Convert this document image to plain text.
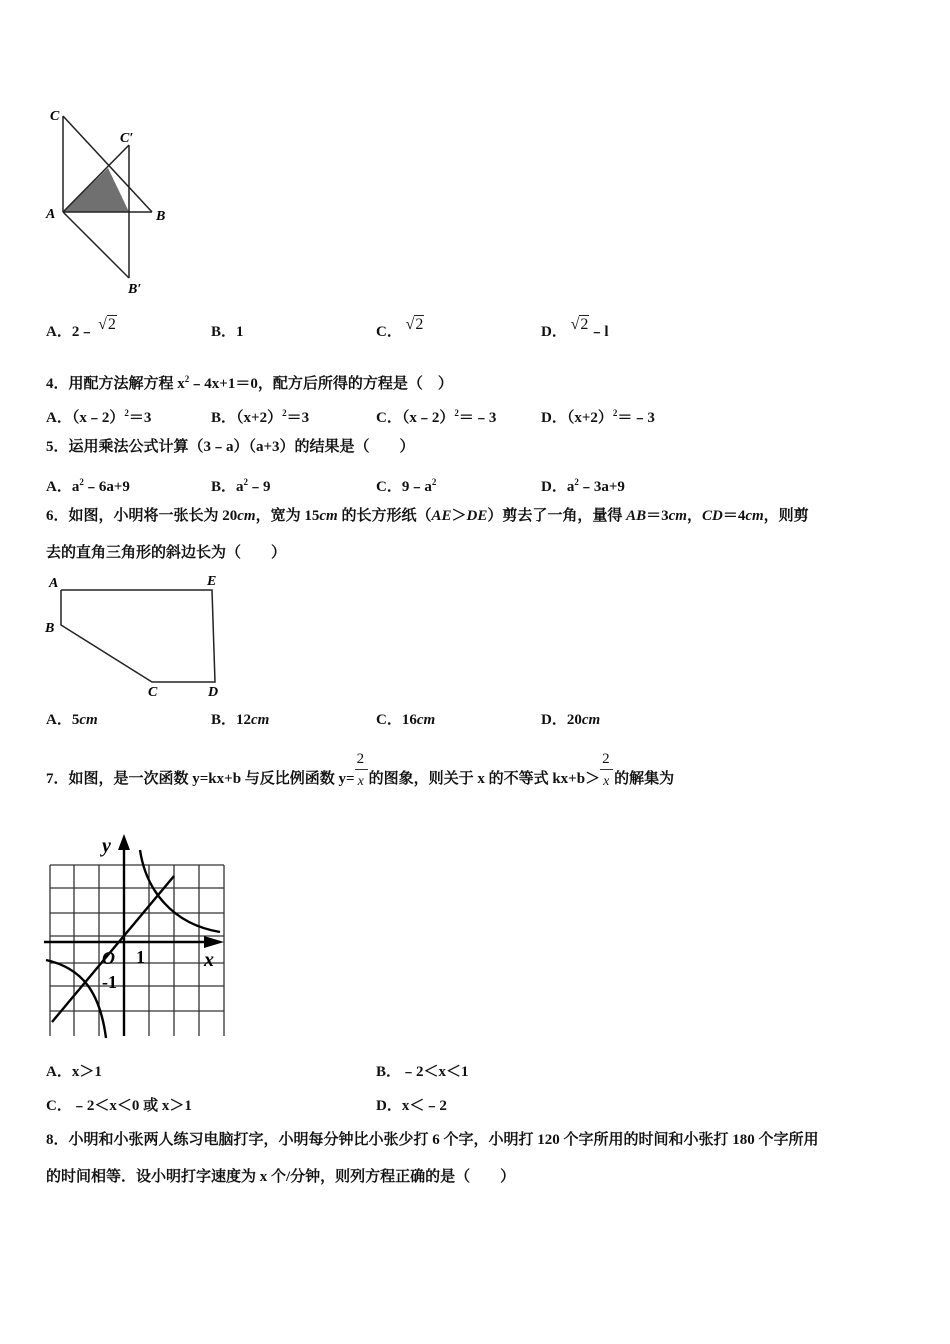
C
C′
A	B
B′
A．2﹣ √2	B．1	C． √2	D． √2﹣l
4．用配方法解方程 $x^2﹣4x+1=0$，配方后所得的方程是（　）
A．（x﹣2）$^2$＝3	B．$(x+2)^2=3$	C．（x﹣2）$^2$＝﹣3	D．$(x+2)^2=﹣3$
5．运用乘法公式计算（3﹣a）（a+3）的结果是（　　）
A．$a^2﹣6a+9$	B．$a^2﹣9$	C．$9﹣a^2$	D．$a^2﹣3a+9$
6．如图，小明将一张长为 20cm，宽为 15cm 的长方形纸（AE＞DE）剪去了一角，量得 AB＝3cm，CD＝4cm，则剪
去的直角三角形的斜边长为（　　）
A	E
B
C	D
A．5cm	B．12cm	C．16cm	D．20cm
7．如图，是一次函数 y=kx+b 与反比例函数 $y= \frac{2}{x}$ 的图象，则关于 x 的不等式 $kx+b> \frac{2}{x}$ 的解集为
y
x
O 1
-1
A．x＞1	B．﹣2＜x＜1
C．﹣2＜x＜0 或 x＞1	D．x＜﹣2
8．小明和小张两人练习电脑打字，小明每分钟比小张少打 6 个字，小明打 120 个字所用的时间和小张打 180 个字所用
的时间相等．设小明打字速度为 x 个/分钟，则列方程正确的是（　　）
